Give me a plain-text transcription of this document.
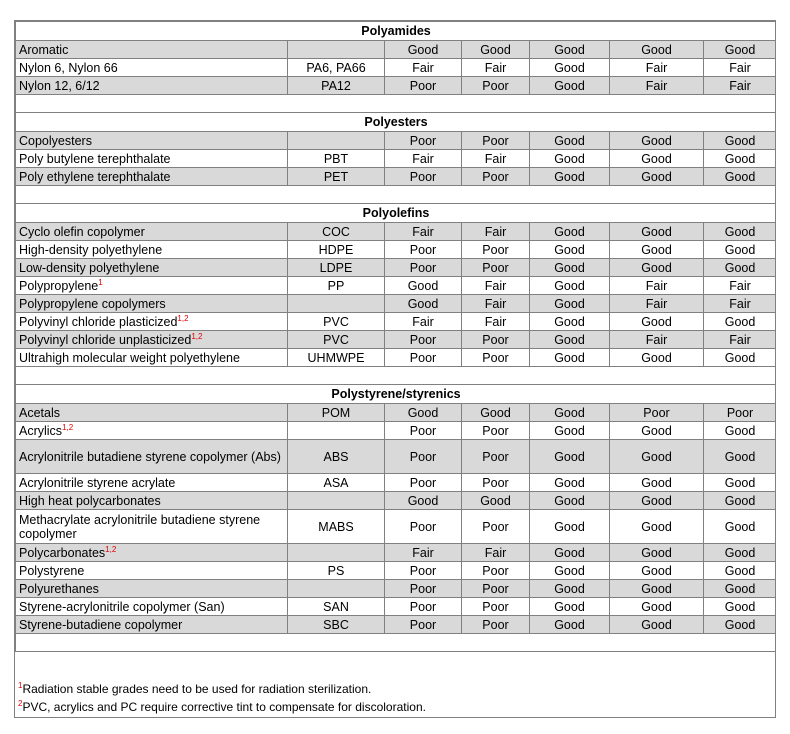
Polyamides						
Aromatic		Good	Good	Good	Good	Good
Nylon 6, Nylon 66	PA6, PA66	Fair	Fair	Good	Fair	Fair
Nylon 12, 6/12	PA12	Poor	Poor	Good	Fair	Fair

Polyesters						
Copolyesters		Poor	Poor	Good	Good	Good
Poly butylene terephthalate	PBT	Fair	Fair	Good	Good	Good
Poly ethylene terephthalate	PET	Poor	Poor	Good	Good	Good

Polyolefins						
Cyclo olefin copolymer	COC	Fair	Fair	Good	Good	Good
High-density polyethylene	HDPE	Poor	Poor	Good	Good	Good
Low-density polyethylene	LDPE	Poor	Poor	Good	Good	Good
Polypropylene$^1$	PP	Good	Fair	Good	Fair	Fair
Polypropylene copolymers		Good	Fair	Good	Fair	Fair
Polyvinyl chloride plasticized$^{1,2}$	PVC	Fair	Fair	Good	Good	Good
Polyvinyl chloride unplasticized$^{1,2}$	PVC	Poor	Poor	Good	Fair	Fair
Ultrahigh molecular weight polyethylene	UHMWPE	Poor	Poor	Good	Good	Good

Polystyrene/styrenics						
Acetals	POM	Good	Good	Good	Poor	Poor
Acrylics$^{1,2}$		Poor	Poor	Good	Good	Good
Acrylonitrile butadiene styrene copolymer (Abs)	ABS	Poor	Poor	Good	Good	Good
Acrylonitrile styrene acrylate	ASA	Poor	Poor	Good	Good	Good
High heat polycarbonates		Good	Good	Good	Good	Good
Methacrylate acrylonitrile butadiene styrene copolymer	MABS	Poor	Poor	Good	Good	Good
Polycarbonates$^{1,2}$		Fair	Fair	Good	Good	Good
Polystyrene	PS	Poor	Poor	Good	Good	Good
Polyurethanes		Poor	Poor	Good	Good	Good
Styrene-acrylonitrile copolymer (San)	SAN	Poor	Poor	Good	Good	Good
Styrene-butadiene copolymer	SBC	Poor	Poor	Good	Good	Good

$^1$Radiation stable grades need to be used for radiation sterilization.
$^2$PVC, acrylics and PC require corrective tint to compensate for discoloration.
